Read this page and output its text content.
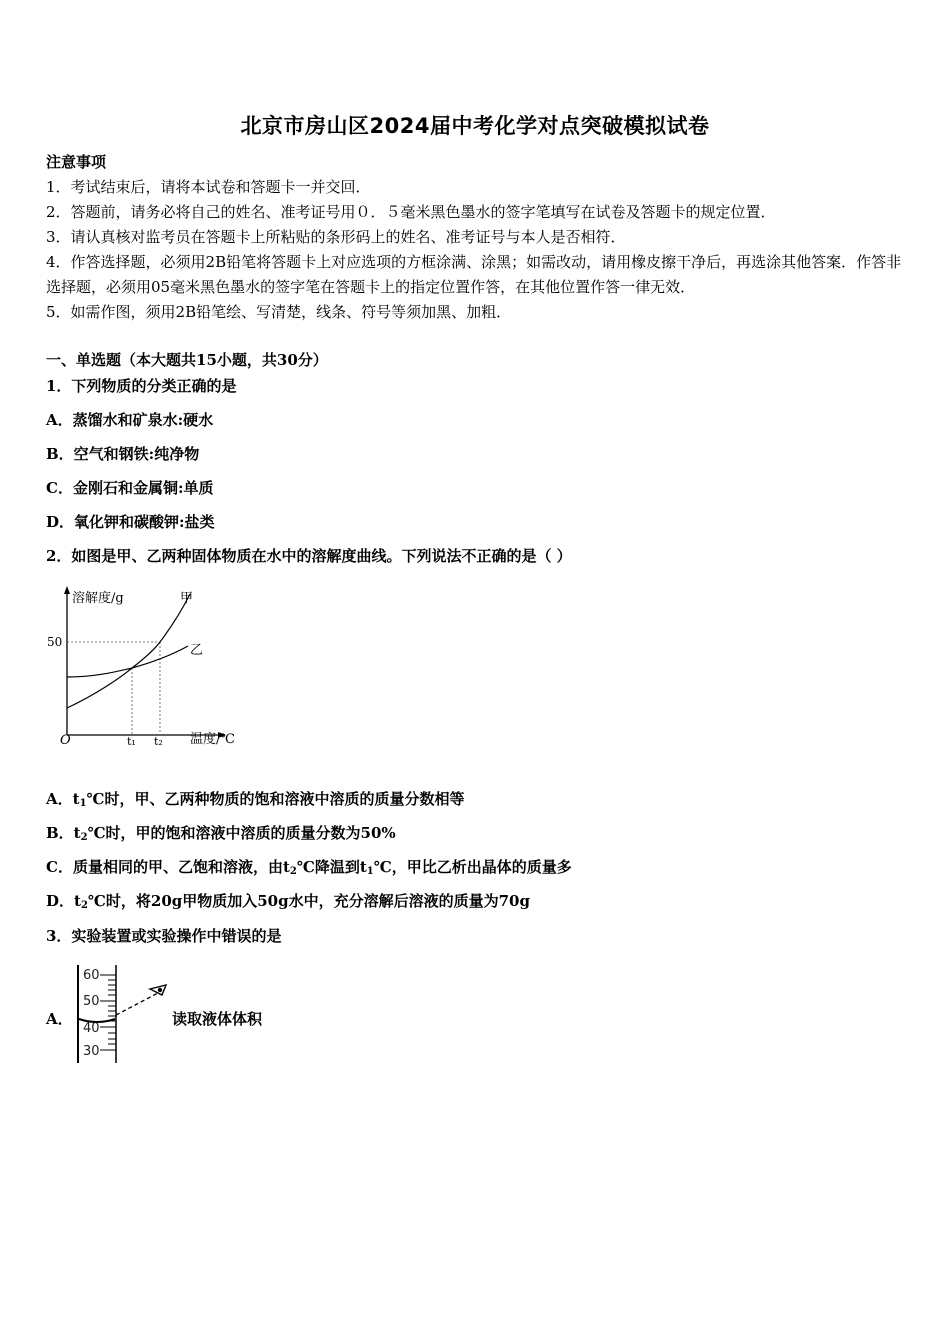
北京市房山区2024届中考化学对点突破模拟试卷
注意事项
1．考试结束后，请将本试卷和答题卡一并交回．
2．答题前，请务必将自己的姓名、准考证号用０．５毫米黑色墨水的签字笔填写在试卷及答题卡的规定位置．
3．请认真核对监考员在答题卡上所粘贴的条形码上的姓名、准考证号与本人是否相符．
4．作答选择题，必须用2B铅笔将答题卡上对应选项的方框涂满、涂黑；如需改动，请用橡皮擦干净后，再选涂其他答案．作答非选择题，必须用05毫米黑色墨水的签字笔在答题卡上的指定位置作答，在其他位置作答一律无效．
5．如需作图，须用2B铅笔绘、写清楚，线条、符号等须加黑、加粗．
一、单选题（本大题共15小题，共30分）
1．下列物质的分类正确的是
A．蒸馏水和矿泉水:硬水
B．空气和钢铁:纯净物
C．金刚石和金属铜:单质
D．氧化钾和碳酸钾:盐类
2．如图是甲、乙两种固体物质在水中的溶解度曲线。下列说法不正确的是（ ）
溶解度/g	甲
乙
50
O	t₁ t₂ 温度/℃
A．$t_1℃$时，甲、乙两种物质的饱和溶液中溶质的质量分数相等
B．$t_2℃$时，甲的饱和溶液中溶质的质量分数为50%
C．质量相同的甲、乙饱和溶液，由$t_2℃$降温到$t_1℃$，甲比乙析出晶体的质量多
D．$t_2℃$时，将20g甲物质加入50g水中，充分溶解后溶液的质量为70g
3．实验装置或实验操作中错误的是
A．
60
50
40
30
读取液体体积
